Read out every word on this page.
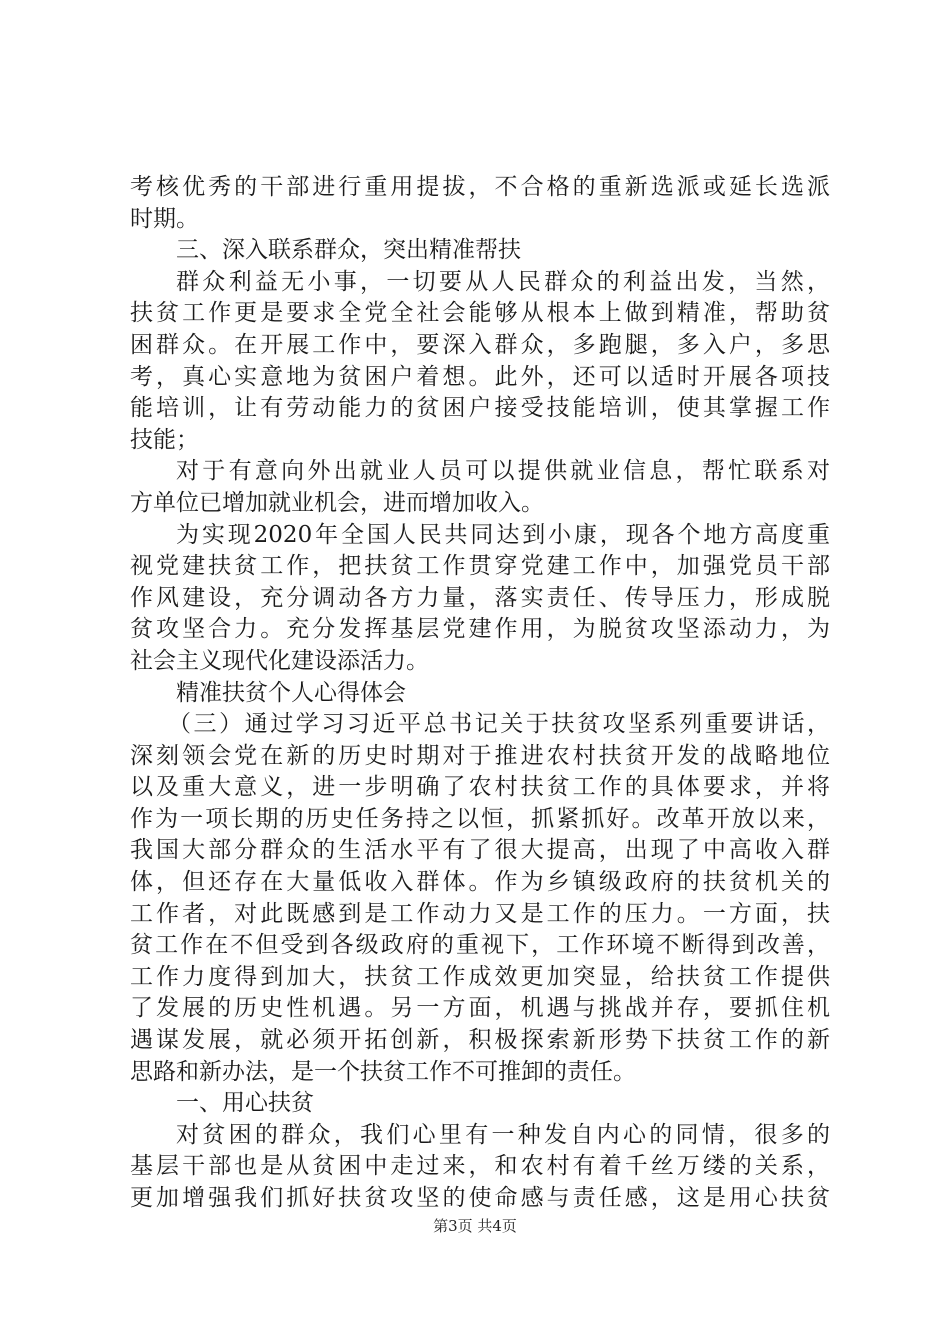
考核优秀的干部进行重用提拔，不合格的重新选派或延长选派
时期。
三、深入联系群众，突出精准帮扶
群众利益无小事，一切要从人民群众的利益出发，当然，
扶贫工作更是要求全党全社会能够从根本上做到精准，帮助贫
困群众。在开展工作中，要深入群众，多跑腿，多入户，多思
考，真心实意地为贫困户着想。此外，还可以适时开展各项技
能培训，让有劳动能力的贫困户接受技能培训，使其掌握工作
技能；
对于有意向外出就业人员可以提供就业信息，帮忙联系对
方单位已增加就业机会，进而增加收入。
为实现2020年全国人民共同达到小康，现各个地方高度重
视党建扶贫工作，把扶贫工作贯穿党建工作中，加强党员干部
作风建设，充分调动各方力量，落实责任、传导压力，形成脱
贫攻坚合力。充分发挥基层党建作用，为脱贫攻坚添动力，为
社会主义现代化建设添活力。
精准扶贫个人心得体会
（三）通过学习习近平总书记关于扶贫攻坚系列重要讲话，
深刻领会党在新的历史时期对于推进农村扶贫开发的战略地位
以及重大意义，进一步明确了农村扶贫工作的具体要求，并将
作为一项长期的历史任务持之以恒，抓紧抓好。改革开放以来，
我国大部分群众的生活水平有了很大提高，出现了中高收入群
体，但还存在大量低收入群体。作为乡镇级政府的扶贫机关的
工作者，对此既感到是工作动力又是工作的压力。一方面，扶
贫工作在不但受到各级政府的重视下，工作环境不断得到改善，
工作力度得到加大，扶贫工作成效更加突显，给扶贫工作提供
了发展的历史性机遇。另一方面，机遇与挑战并存，要抓住机
遇谋发展，就必须开拓创新，积极探索新形势下扶贫工作的新
思路和新办法，是一个扶贫工作不可推卸的责任。
一、用心扶贫
对贫困的群众，我们心里有一种发自内心的同情，很多的
基层干部也是从贫困中走过来，和农村有着千丝万缕的关系，
更加增强我们抓好扶贫攻坚的使命感与责任感，这是用心扶贫
第3页 共4页
